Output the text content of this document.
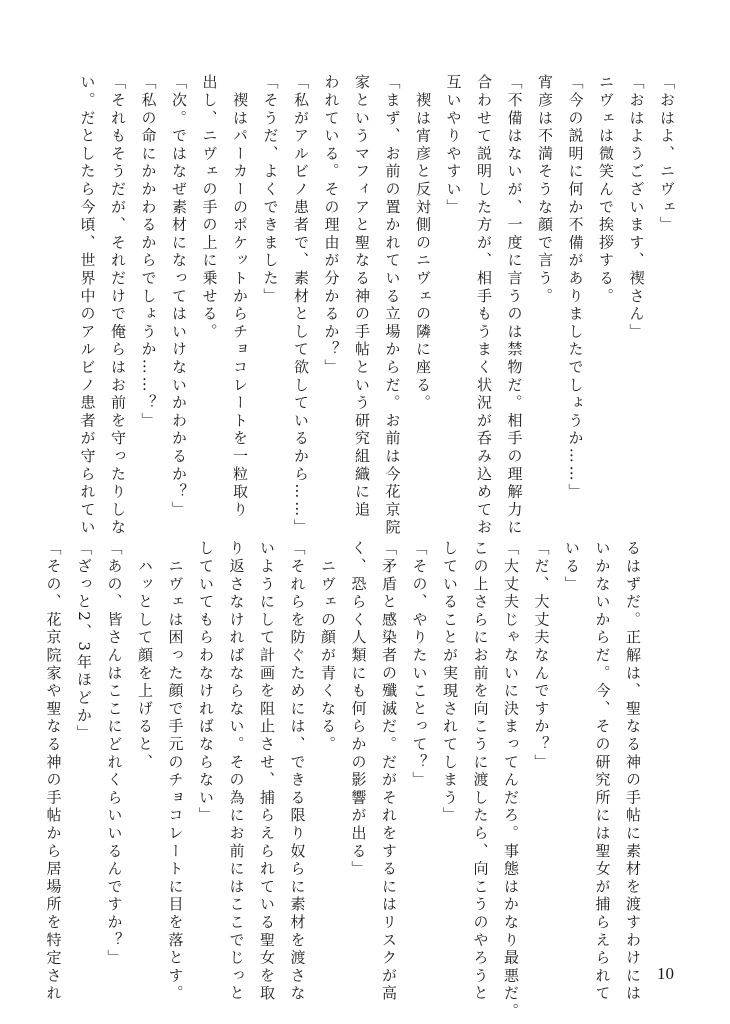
「おはよ、ニヴェ」
「おはようございます、禊さん」
ニヴェは微笑んで挨拶する。
「今の説明に何か不備がありましたでしょうか……」
宵彦は不満そうな顔で言う。
「不備はないが、一度に言うのは禁物だ。相手の理解力に
合わせて説明した方が、相手もうまく状況が呑み込めてお
互いやりやすい」
　禊は宵彦と反対側のニヴェの隣に座る。
「まず、お前の置かれている立場からだ。お前は今花京院
家というマフィアと聖なる神の手帖という研究組織に追
われている。その理由が分かるか？」
「私がアルビノ患者で、素材として欲しているから……」
「そうだ、よくできました」
　禊はパーカーのポケットからチョコレートを一粒取り
出し、ニヴェの手の上に乗せる。
「次。ではなぜ素材になってはいけないかわかるか？」
「私の命にかかわるからでしょうか……？」
「それもそうだが、それだけで俺らはお前を守ったりしな
い。だとしたら今頃、世界中のアルビノ患者が守られてい
るはずだ。正解は、聖なる神の手帖に素材を渡すわけには
いかないからだ。今、その研究所には聖女が捕らえられて
いる」
「だ、大丈夫なんですか？」
「大丈夫じゃないに決まってんだろ。事態はかなり最悪だ。
この上さらにお前を向こうに渡したら、向こうのやろうと
していることが実現されてしまう」
「その、やりたいことって？」
「矛盾と感染者の殲滅だ。だがそれをするにはリスクが高
く、恐らく人類にも何らかの影響が出る」
　ニヴェの顔が青くなる。
「それらを防ぐためには、できる限り奴らに素材を渡さな
いようにして計画を阻止させ、捕らえられている聖女を取
り返さなければならない。その為にお前にはここでじっと
していてもらわなければならない」
　ニヴェは困った顔で手元のチョコレートに目を落とす。
　ハッとして顔を上げると、
「あの、皆さんはここにどれくらいいるんですか？」
「ざっと2、3年ほどか」
「その、花京院家や聖なる神の手帖から居場所を特定され	10
